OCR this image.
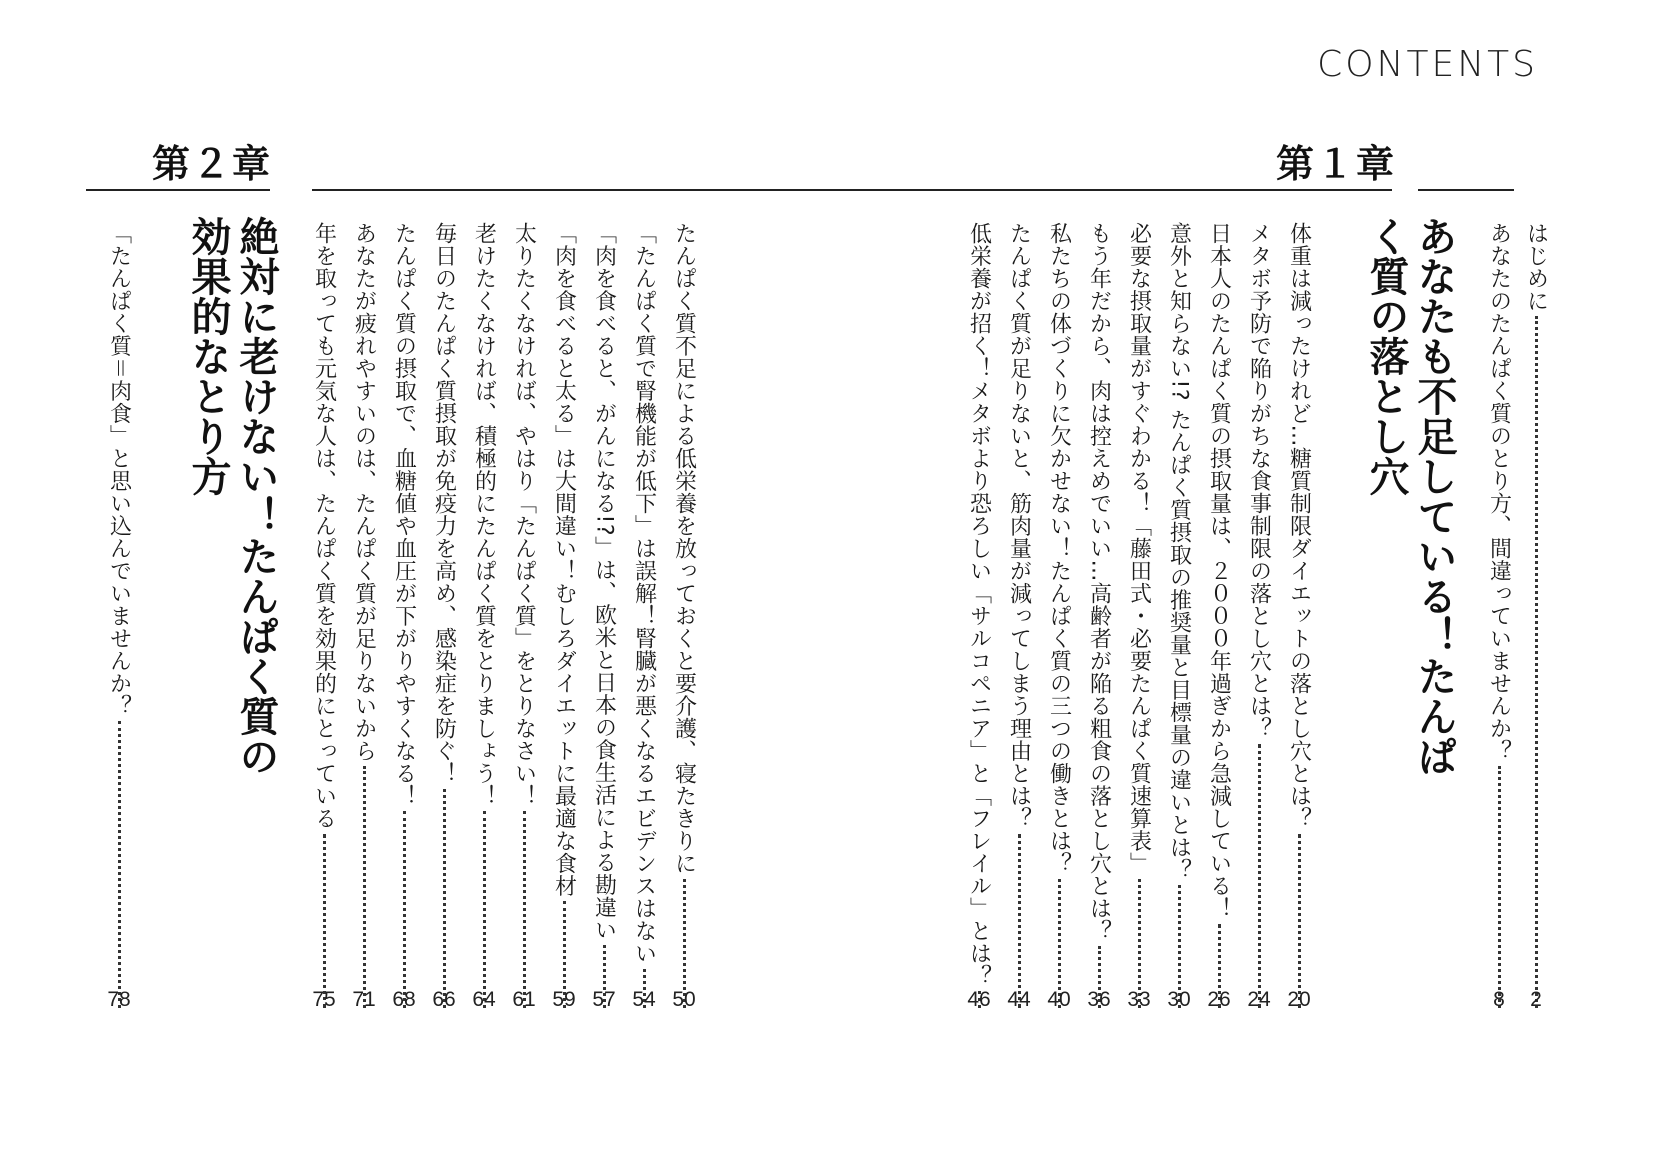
CONTENTS
第１章
第２章
はじめに
あなたのたんぱく質のとり方、間違っていませんか？
2
8
あなたも不足している！たんぱく質の落とし穴
体重は減ったけれど…糖質制限ダイエットの落とし穴とは？
メタボ予防で陥りがちな食事制限の落とし穴とは？
日本人のたんぱく質の摂取量は、２０００年過ぎから急減している！
意外と知らない!? たんぱく質摂取の推奨量と目標量の違いとは？
必要な摂取量がすぐわかる！「藤田式・必要たんぱく質速算表」
もう年だから、肉は控えめでいい…高齢者が陥る粗食の落とし穴とは？
私たちの体づくりに欠かせない！たんぱく質の三つの働きとは？
たんぱく質が足りないと、筋肉量が減ってしまう理由とは？
低栄養が招く！メタボより恐ろしい「サルコペニア」と「フレイル」とは？
20
24
26
30
33
36
40
44
46
絶対に老けない！たんぱく質の効果的なとり方	たんぱく質不足による低栄養を放っておくと要介護、寝たきりに
「たんぱく質で腎機能が低下」は誤解！腎臓が悪くなるエビデンスはない
「肉を食べると、がんになる!?」は、欧米と日本の食生活による勘違い
「肉を食べると太る」は大間違い！むしろダイエットに最適な食材
太りたくなければ、やはり「たんぱく質」をとりなさい！
老けたくなければ、積極的にたんぱく質をとりましょう！
毎日のたんぱく質摂取が免疫力を高め、感染症を防ぐ！
たんぱく質の摂取で、血糖値や血圧が下がりやすくなる！
あなたが疲れやすいのは、たんぱく質が足りないから
年を取っても元気な人は、たんぱく質を効果的にとっている
50
54
57
59
61
64
66
68
71
75
「たんぱく質＝肉食」と思い込んでいませんか？
78
